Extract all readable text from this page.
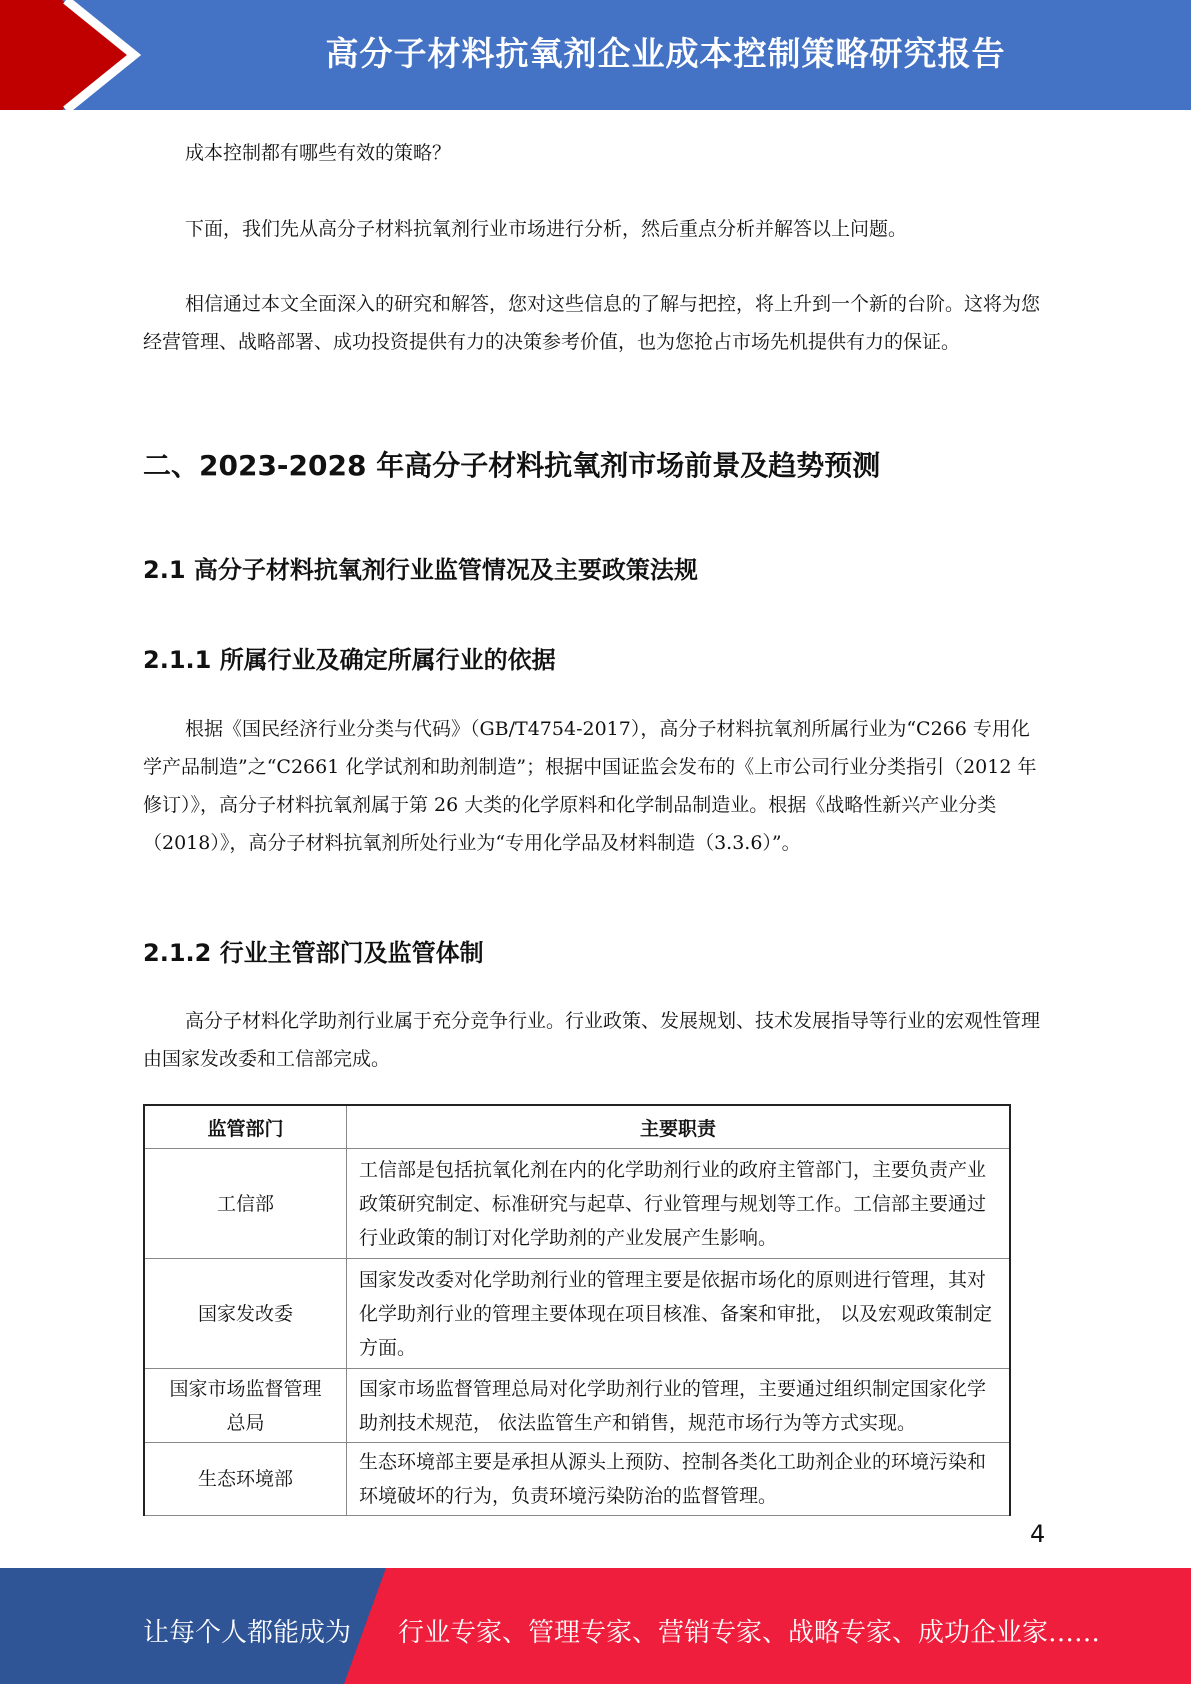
高分子材料抗氧剂企业成本控制策略研究报告

成本控制都有哪些有效的策略？

下面，我们先从高分子材料抗氧剂行业市场进行分析，然后重点分析并解答以上问题。

相信通过本文全面深入的研究和解答，您对这些信息的了解与把控，将上升到一个新的台阶。这将为您经营管理、战略部署、成功投资提供有力的决策参考价值，也为您抢占市场先机提供有力的保证。

二、2023-2028 年高分子材料抗氧剂市场前景及趋势预测

2.1 高分子材料抗氧剂行业监管情况及主要政策法规

2.1.1 所属行业及确定所属行业的依据

根据《国民经济行业分类与代码》（GB/T4754-2017），高分子材料抗氧剂所属行业为“C266 专用化学产品制造”之“C2661 化学试剂和助剂制造”；根据中国证监会发布的《上市公司行业分类指引（2012 年修订）》，高分子材料抗氧剂属于第 26 大类的化学原料和化学制品制造业。根据《战略性新兴产业分类（2018）》，高分子材料抗氧剂所处行业为“专用化学品及材料制造（3.3.6）”。

2.1.2 行业主管部门及监管体制

高分子材料化学助剂行业属于充分竞争行业。行业政策、发展规划、技术发展指导等行业的宏观性管理由国家发改委和工信部完成。

监管部门	主要职责
工信部	工信部是包括抗氧化剂在内的化学助剂行业的政府主管部门，主要负责产业政策研究制定、标准研究与起草、行业管理与规划等工作。工信部主要通过行业政策的制订对化学助剂的产业发展产生影响。
国家发改委	国家发改委对化学助剂行业的管理主要是依据市场化的原则进行管理，其对化学助剂行业的管理主要体现在项目核准、备案和审批， 以及宏观政策制定方面。
国家市场监督管理总局	国家市场监督管理总局对化学助剂行业的管理，主要通过组织制定国家化学助剂技术规范， 依法监管生产和销售，规范市场行为等方式实现。
生态环境部	生态环境部主要是承担从源头上预防、控制各类化工助剂企业的环境污染和环境破坏的行为，负责环境污染防治的监督管理。
4
让每个人都能成为 行业专家、管理专家、营销专家、战略专家、成功企业家……
